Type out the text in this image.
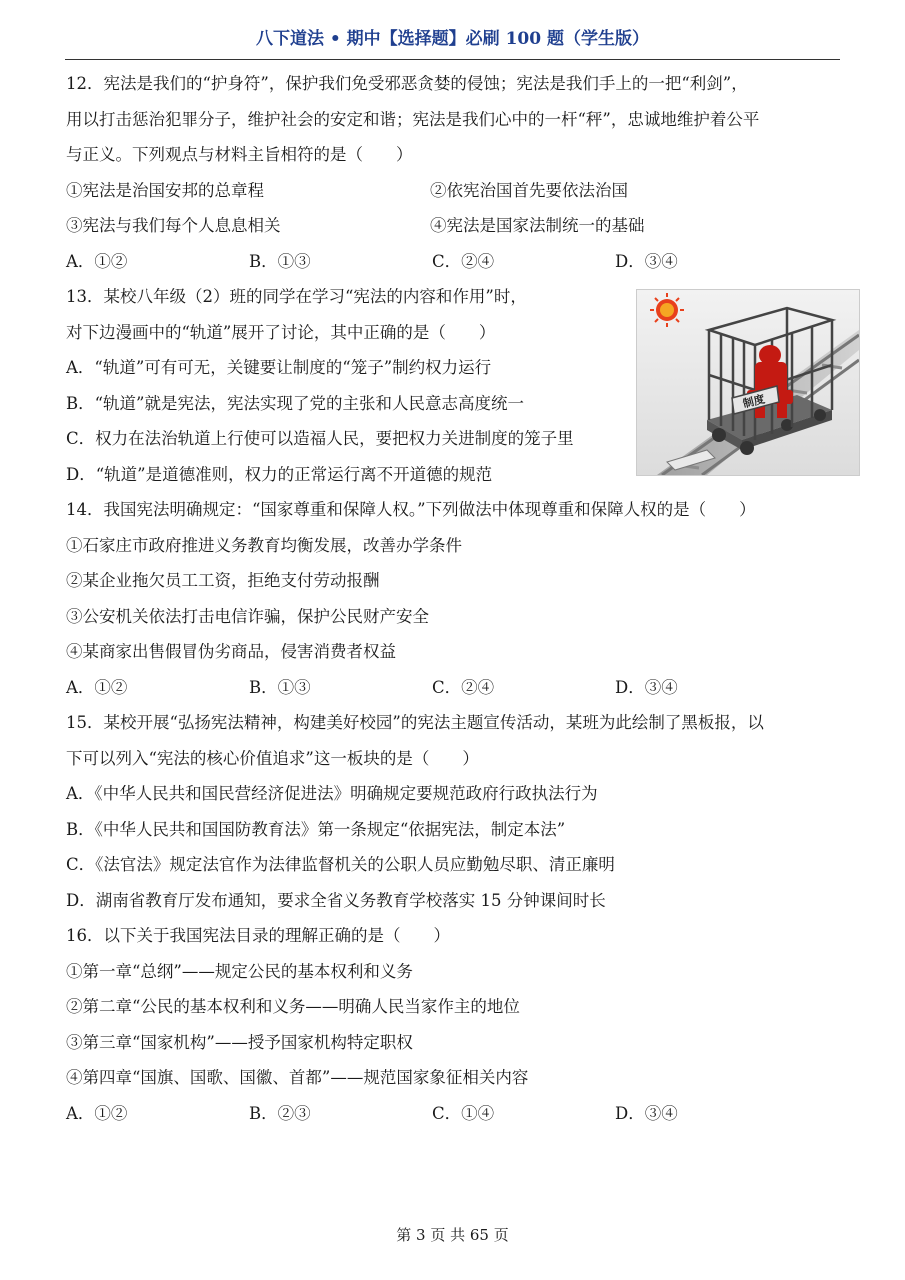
八下道法 • 期中【选择题】必刷 100 题（学生版）
12．宪法是我们的“护身符”，保护我们免受邪恶贪婪的侵蚀；宪法是我们手上的一把“利剑”，
用以打击惩治犯罪分子，维护社会的安定和谐；宪法是我们心中的一杆“秤”，忠诚地维护着公平
与正义。下列观点与材料主旨相符的是（　　）
①宪法是治国安邦的总章程	②依宪治国首先要依法治国
③宪法与我们每个人息息相关	④宪法是国家法制统一的基础
A．①②	B．①③	C．②④	D．③④
13．某校八年级（2）班的同学在学习“宪法的内容和作用”时，
对下边漫画中的“轨道”展开了讨论，其中正确的是（　　）
A．“轨道”可有可无，关键要让制度的“笼子”制约权力运行
B．“轨道”就是宪法，宪法实现了党的主张和人民意志高度统一
C．权力在法治轨道上行使可以造福人民，要把权力关进制度的笼子里
D．“轨道”是道德准则，权力的正常运行离不开道德的规范
14．我国宪法明确规定：“国家尊重和保障人权。”下列做法中体现尊重和保障人权的是（　　）
①石家庄市政府推进义务教育均衡发展，改善办学条件
②某企业拖欠员工工资，拒绝支付劳动报酬
③公安机关依法打击电信诈骗，保护公民财产安全
④某商家出售假冒伪劣商品，侵害消费者权益
A．①②	B．①③	C．②④	D．③④
15．某校开展“弘扬宪法精神，构建美好校园”的宪法主题宣传活动，某班为此绘制了黑板报，以
下可以列入“宪法的核心价值追求”这一板块的是（　　）
A．《中华人民共和国民营经济促进法》明确规定要规范政府行政执法行为
B．《中华人民共和国国防教育法》第一条规定“依据宪法，制定本法”
C．《法官法》规定法官作为法律监督机关的公职人员应勤勉尽职、清正廉明
D．湖南省教育厅发布通知，要求全省义务教育学校落实 15 分钟课间时长
16．以下关于我国宪法目录的理解正确的是（　　）
①第一章“总纲”——规定公民的基本权利和义务
②第二章“公民的基本权利和义务——明确人民当家作主的地位
③第三章“国家机构”——授予国家机构特定职权
④第四章“国旗、国歌、国徽、首都”——规范国家象征相关内容
A．①②	B．②③	C．①④	D．③④
制度
第 3 页 共 65 页
